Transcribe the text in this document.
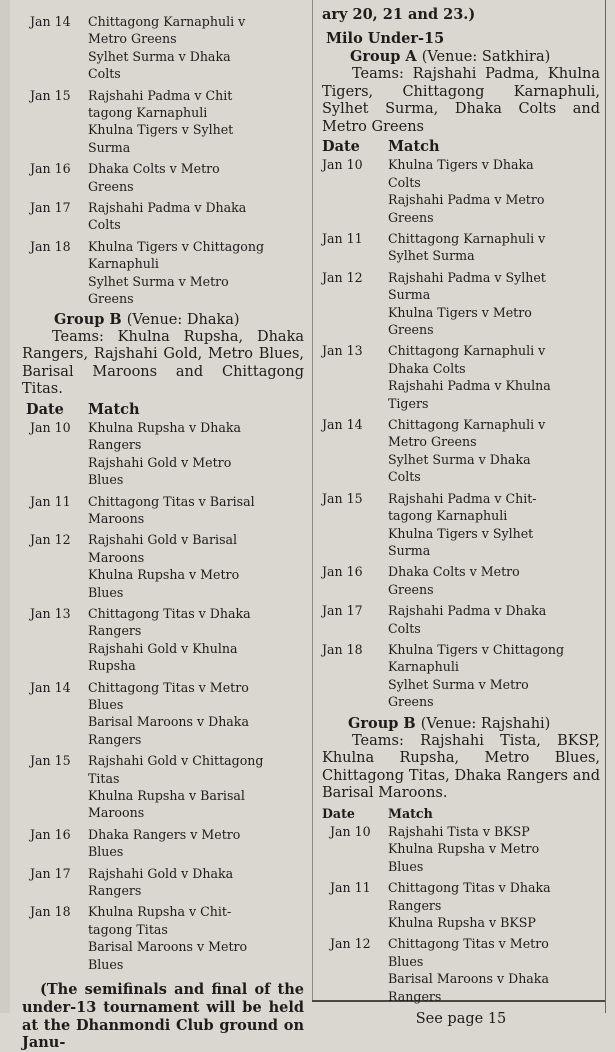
Jan 14	Chittagong Karnaphuli v
Metro Greens
Sylhet Surma v Dhaka
Colts
Jan 15	Rajshahi Padma v Chit
tagong Karnaphuli
Khulna Tigers v Sylhet
Surma
Jan 16	Dhaka Colts v Metro
Greens
Jan 17	Rajshahi Padma v Dhaka
Colts
Jan 18	Khulna Tigers v Chittagong
Karnaphuli
Sylhet Surma v Metro
Greens
Group B (Venue: Dhaka)
Teams: Khulna Rupsha, Dhaka Rangers, Rajshahi Gold, Metro Blues, Barisal Maroons and Chittagong Titas.
Date	Match
Jan 10	Khulna Rupsha v Dhaka
Rangers
Rajshahi Gold v Metro
Blues
Jan 11	Chittagong Titas v Barisal
Maroons
Jan 12	Rajshahi Gold v Barisal
Maroons
Khulna Rupsha v Metro
Blues
Jan 13	Chittagong Titas v Dhaka
Rangers
Rajshahi Gold v Khulna
Rupsha
Jan 14	Chittagong Titas v Metro
Blues
Barisal Maroons v Dhaka
Rangers
Jan 15	Rajshahi Gold v Chittagong
Titas
Khulna Rupsha v Barisal
Maroons
Jan 16	Dhaka Rangers v Metro
Blues
Jan 17	Rajshahi Gold v Dhaka
Rangers
Jan 18	Khulna Rupsha v Chit-
tagong Titas
Barisal Maroons v Metro
Blues
(The semifinals and final of the under-13 tournament will be held at the Dhanmondi Club ground on Janu-
ary 20, 21 and 23.)
Milo Under-15
Group A (Venue: Satkhira)
Teams: Rajshahi Padma, Khulna Tigers, Chittagong Karnaphuli, Sylhet Surma, Dhaka Colts and Metro Greens
Date	Match
Jan 10	Khulna Tigers v Dhaka
Colts
Rajshahi Padma v Metro
Greens
Jan 11	Chittagong Karnaphuli v
Sylhet Surma
Jan 12	Rajshahi Padma v Sylhet
Surma
Khulna Tigers v Metro
Greens
Jan 13	Chittagong Karnaphuli v
Dhaka Colts
Rajshahi Padma v Khulna
Tigers
Jan 14	Chittagong Karnaphuli v
Metro Greens
Sylhet Surma v Dhaka
Colts
Jan 15	Rajshahi Padma v Chit-
tagong Karnaphuli
Khulna Tigers v Sylhet
Surma
Jan 16	Dhaka Colts v Metro
Greens
Jan 17	Rajshahi Padma v Dhaka
Colts
Jan 18	Khulna Tigers v Chittagong
Karnaphuli
Sylhet Surma v Metro
Greens
Group B (Venue: Rajshahi)
Teams: Rajshahi Tista, BKSP, Khulna Rupsha, Metro Blues, Chittagong Titas, Dhaka Rangers and Barisal Maroons.
Date	Match
Jan 10	Rajshahi Tista v BKSP
Khulna Rupsha v Metro
Blues
Jan 11	Chittagong Titas v Dhaka
Rangers
Khulna Rupsha v BKSP
Jan 12	Chittagong Titas v Metro
Blues
Barisal Maroons v Dhaka
Rangers
See page 15
